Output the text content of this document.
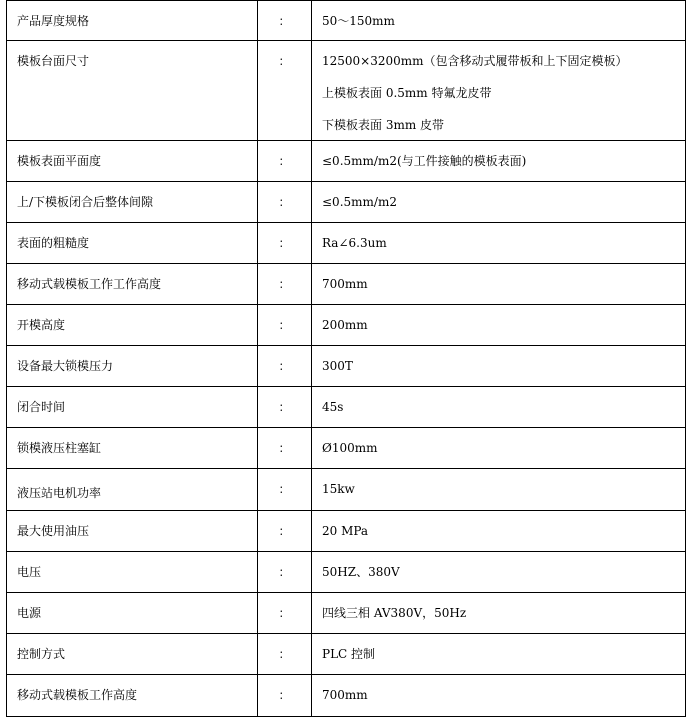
产品厚度规格	：	50～150mm

模板台面尺寸	：	12500×3200mm（包含移动式履带板和上下固定模板）
上模板表面 0.5mm 特氟龙皮带
下模板表面 3mm 皮带

模板表面平面度	：	≤0.5mm/m2(与工件接触的模板表面)

上/下模板闭合后整体间隙	：	≤0.5mm/m2

表面的粗糙度	：	Ra∠6.3um

移动式载模板工作工作高度	：	700mm

开模高度	：	200mm

设备最大锁模压力	：	300T

闭合时间	：	45s

锁模液压柱塞缸	：	Ø100mm

液压站电机功率	：	15kw

最大使用油压	：	20 MPa

电压	：	50HZ、380V

电源	：	四线三相 AV380V，50Hz

控制方式	：	PLC 控制

移动式载模板工作高度	：	700mm
